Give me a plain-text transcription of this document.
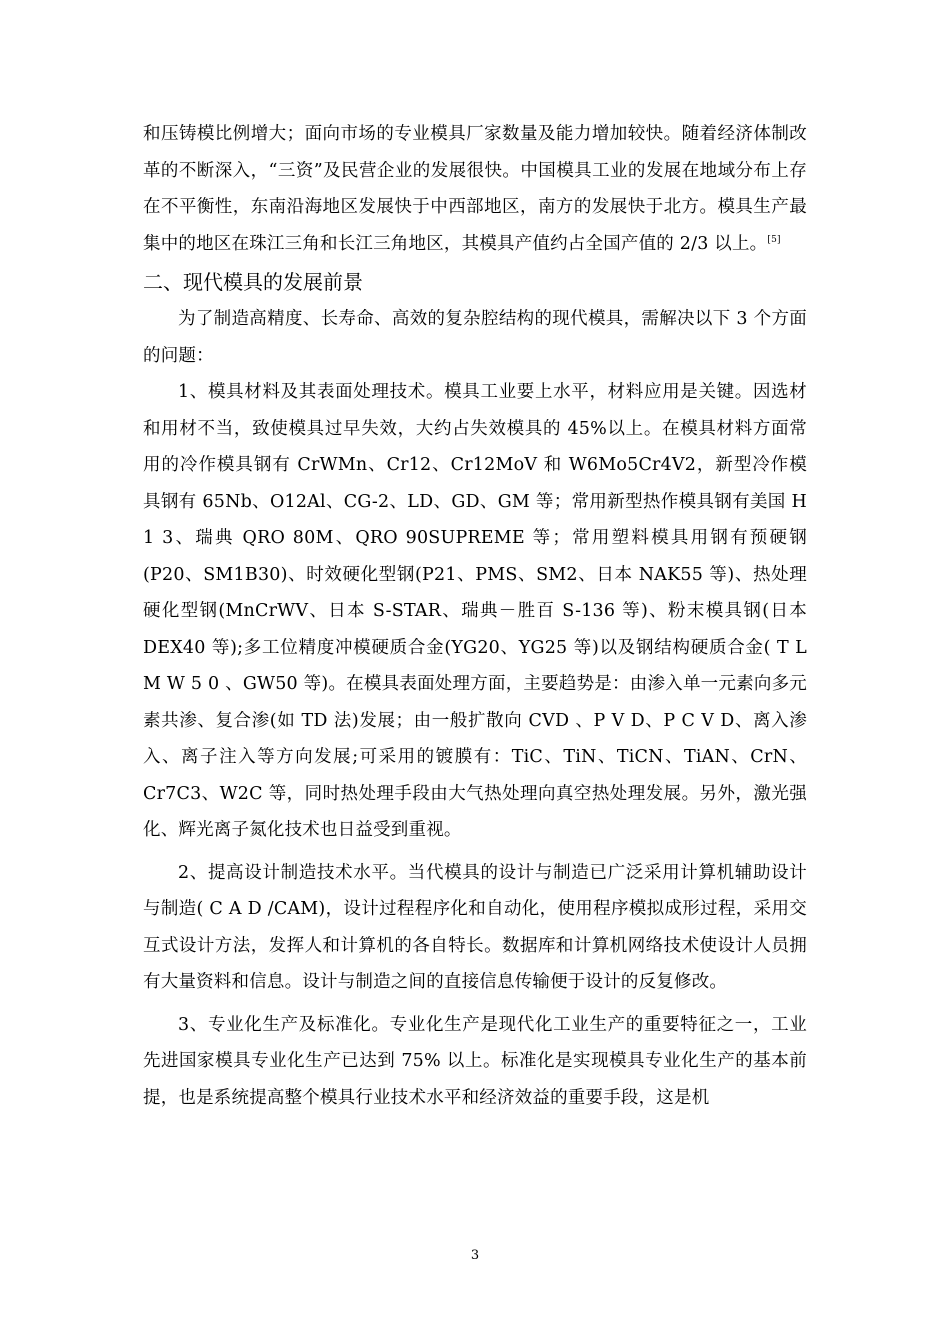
和压铸模比例增大；面向市场的专业模具厂家数量及能力增加较快。随着经济体制改革的不断深入，“三资”及民营企业的发展很快。中国模具工业的发展在地域分布上存在不平衡性，东南沿海地区发展快于中西部地区，南方的发展快于北方。模具生产最集中的地区在珠江三角和长江三角地区，其模具产值约占全国产值的 2/3 以上。[5]

二、现代模具的发展前景

为了制造高精度、长寿命、高效的复杂腔结构的现代模具，需解决以下 3 个方面的问题：

1、模具材料及其表面处理技术。模具工业要上水平，材料应用是关键。因选材和用材不当，致使模具过早失效，大约占失效模具的 45%以上。在模具材料方面常用的冷作模具钢有 CrWMn、Cr12、Cr12MoV 和 W6Mo5Cr4V2，新型冷作模具钢有 65Nb、O12Al、CG-2、LD、GD、GM 等；常用新型热作模具钢有美国 H 1 3、瑞典 QRO 80M、QRO 90SUPREME 等；常用塑料模具用钢有预硬钢(P20、SM1B30)、时效硬化型钢(P21、PMS、SM2、日本 NAK55 等)、热处理硬化型钢(MnCrWV、日本 S-STAR、瑞典－胜百 S-136 等)、粉末模具钢(日本 DEX40 等);多工位精度冲模硬质合金(YG20、YG25 等)以及钢结构硬质合金( T L M W 5 0 、GW50 等)。在模具表面处理方面，主要趋势是：由渗入单一元素向多元素共渗、复合渗(如 TD 法)发展；由一般扩散向 CVD 、P V D、P C V D、离入渗入、离子注入等方向发展;可采用的镀膜有：TiC、TiN、TiCN、TiAN、CrN、Cr7C3、W2C 等，同时热处理手段由大气热处理向真空热处理发展。另外，激光强化、辉光离子氮化技术也日益受到重视。

2、提高设计制造技术水平。当代模具的设计与制造已广泛采用计算机辅助设计与制造( C A D /CAM)，设计过程程序化和自动化，使用程序模拟成形过程，采用交互式设计方法，发挥人和计算机的各自特长。数据库和计算机网络技术使设计人员拥有大量资料和信息。设计与制造之间的直接信息传输便于设计的反复修改。

3、专业化生产及标准化。专业化生产是现代化工业生产的重要特征之一，工业先进国家模具专业化生产已达到 75% 以上。标准化是实现模具专业化生产的基本前提，也是系统提高整个模具行业技术水平和经济效益的重要手段，这是机

3
